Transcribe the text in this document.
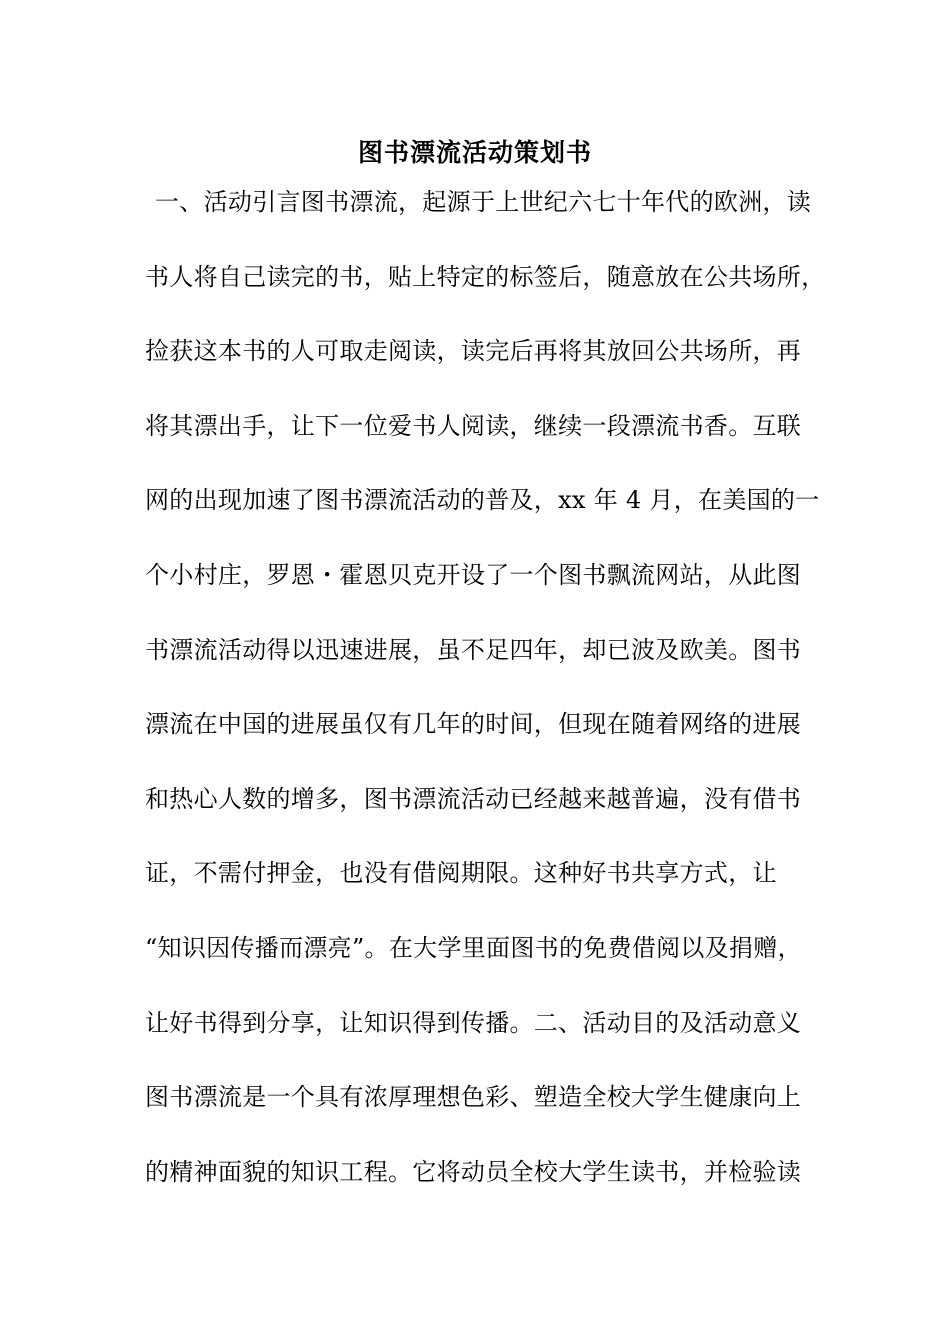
图书漂流活动策划书
一、活动引言图书漂流，起源于上世纪六七十年代的欧洲，读
书人将自己读完的书，贴上特定的标签后，随意放在公共场所，
捡获这本书的人可取走阅读，读完后再将其放回公共场所，再
将其漂出手，让下一位爱书人阅读，继续一段漂流书香。互联
网的出现加速了图书漂流活动的普及，xx 年 4 月，在美国的一
个小村庄，罗恩・霍恩贝克开设了一个图书飘流网站，从此图
书漂流活动得以迅速进展，虽不足四年，却已波及欧美。图书
漂流在中国的进展虽仅有几年的时间，但现在随着网络的进展
和热心人数的增多，图书漂流活动已经越来越普遍，没有借书
证，不需付押金，也没有借阅期限。这种好书共享方式，让
“知识因传播而漂亮”。在大学里面图书的免费借阅以及捐赠，
让好书得到分享，让知识得到传播。二、活动目的及活动意义
图书漂流是一个具有浓厚理想色彩、塑造全校大学生健康向上
的精神面貌的知识工程。它将动员全校大学生读书，并检验读
